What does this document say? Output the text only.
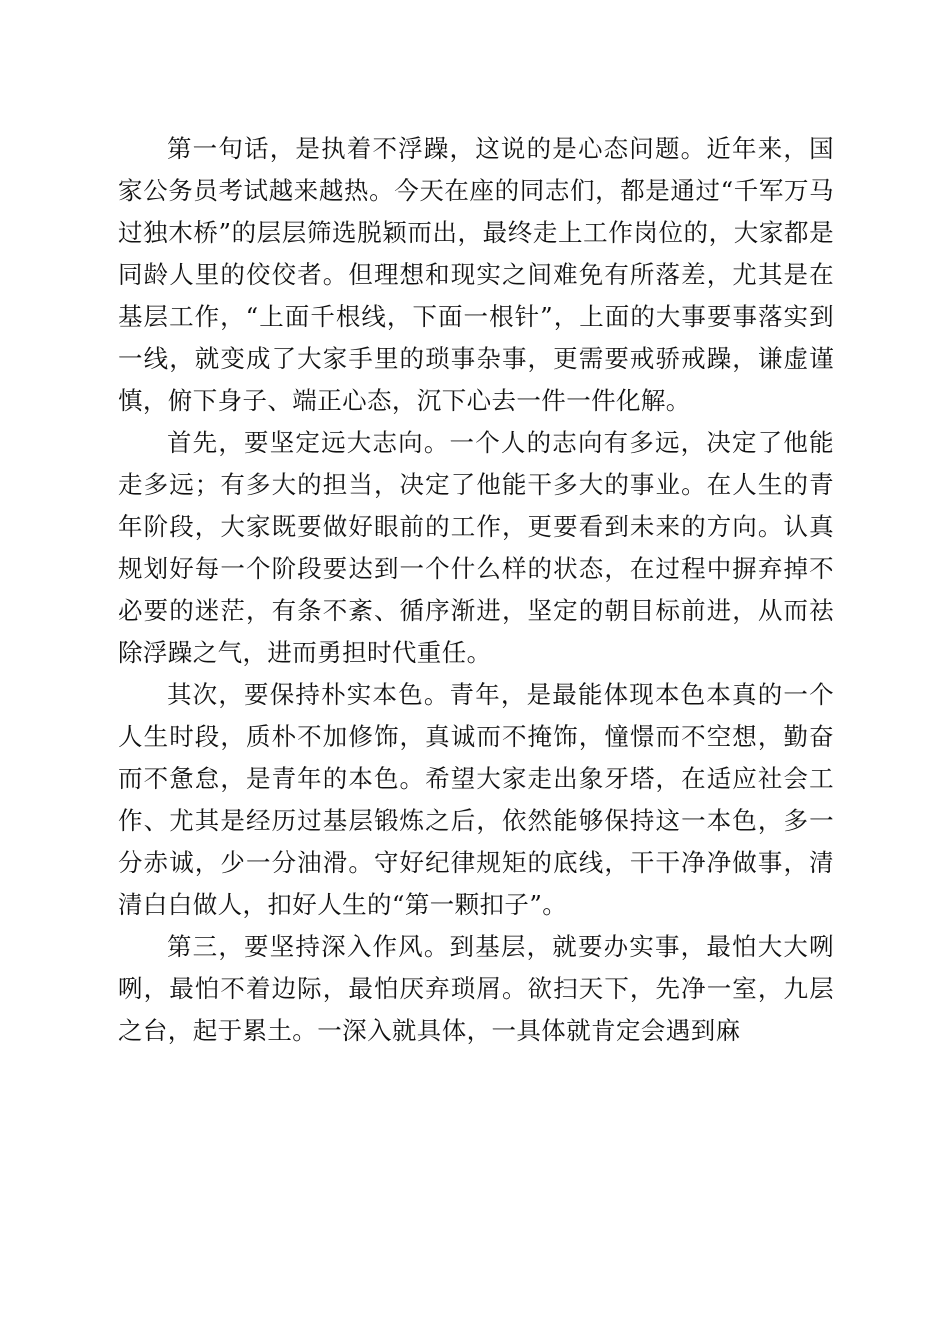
第一句话，是执着不浮躁，这说的是心态问题。近年来，国家公务员考试越来越热。今天在座的同志们，都是通过“千军万马过独木桥”的层层筛选脱颖而出，最终走上工作岗位的，大家都是同龄人里的佼佼者。但理想和现实之间难免有所落差，尤其是在基层工作，“上面千根线，下面一根针”，上面的大事要事落实到一线，就变成了大家手里的琐事杂事，更需要戒骄戒躁，谦虚谨慎，俯下身子、端正心态，沉下心去一件一件化解。

首先，要坚定远大志向。一个人的志向有多远，决定了他能走多远；有多大的担当，决定了他能干多大的事业。在人生的青年阶段，大家既要做好眼前的工作，更要看到未来的方向。认真规划好每一个阶段要达到一个什么样的状态，在过程中摒弃掉不必要的迷茫，有条不紊、循序渐进，坚定的朝目标前进，从而祛除浮躁之气，进而勇担时代重任。

其次，要保持朴实本色。青年，是最能体现本色本真的一个人生时段，质朴不加修饰，真诚而不掩饰，憧憬而不空想，勤奋而不惫怠，是青年的本色。希望大家走出象牙塔，在适应社会工作、尤其是经历过基层锻炼之后，依然能够保持这一本色，多一分赤诚，少一分油滑。守好纪律规矩的底线，干干净净做事，清清白白做人，扣好人生的“第一颗扣子”。

第三，要坚持深入作风。到基层，就要办实事，最怕大大咧咧，最怕不着边际，最怕厌弃琐屑。欲扫天下，先净一室，九层之台，起于累土。一深入就具体，一具体就肯定会遇到麻
